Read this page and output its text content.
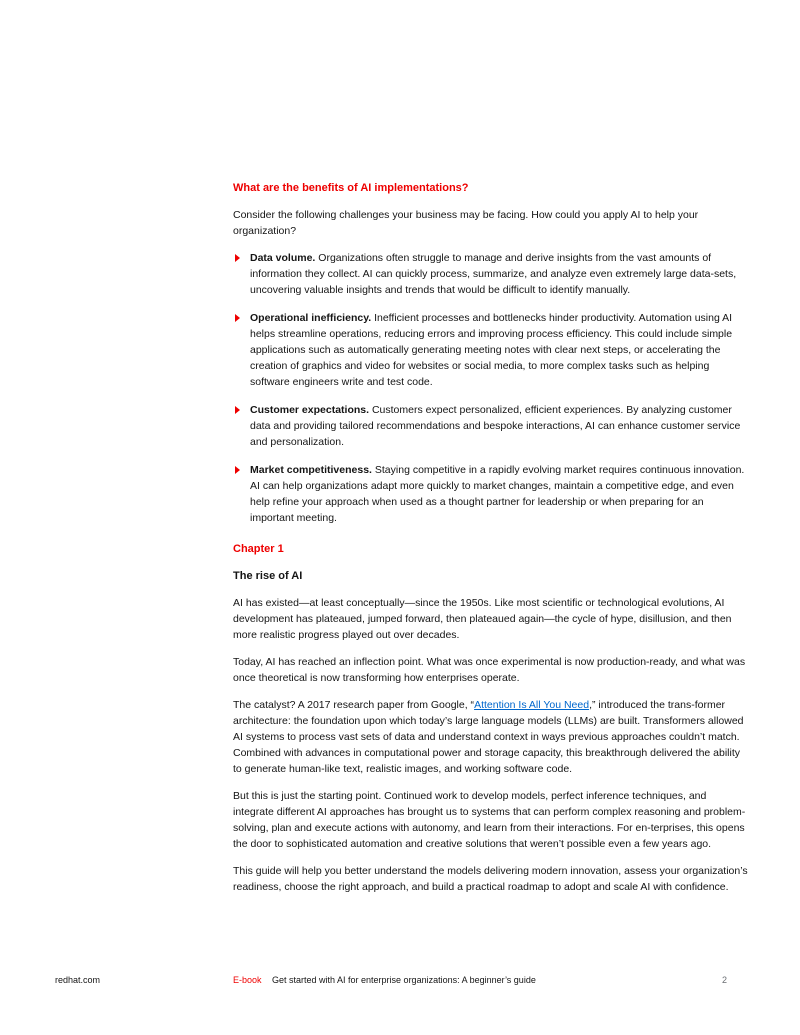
What are the benefits of AI implementations?

Consider the following challenges your business may be facing. How could you apply AI to help your organization?

Data volume. Organizations often struggle to manage and derive insights from the vast amounts of information they collect. AI can quickly process, summarize, and analyze even extremely large data-sets, uncovering valuable insights and trends that would be difficult to identify manually.
Operational inefficiency. Inefficient processes and bottlenecks hinder productivity. Automation using AI helps streamline operations, reducing errors and improving process efficiency. This could include simple applications such as automatically generating meeting notes with clear next steps, or accelerating the creation of graphics and video for websites or social media, to more complex tasks such as helping software engineers write and test code.
Customer expectations. Customers expect personalized, efficient experiences. By analyzing customer data and providing tailored recommendations and bespoke interactions, AI can enhance customer service and personalization.
Market competitiveness. Staying competitive in a rapidly evolving market requires continuous innovation. AI can help organizations adapt more quickly to market changes, maintain a competitive edge, and even help refine your approach when used as a thought partner for leadership or when preparing for an important meeting.
Chapter 1
The rise of AI

AI has existed—at least conceptually—since the 1950s. Like most scientific or technological evolutions, AI development has plateaued, jumped forward, then plateaued again—the cycle of hype, disillusion, and then more realistic progress played out over decades.

Today, AI has reached an inflection point. What was once experimental is now production-ready, and what was once theoretical is now transforming how enterprises operate.

The catalyst? A 2017 research paper from Google, “Attention Is All You Need,” introduced the trans-former architecture: the foundation upon which today’s large language models (LLMs) are built. Transformers allowed AI systems to process vast sets of data and understand context in ways previous approaches couldn’t match. Combined with advances in computational power and storage capacity, this breakthrough delivered the ability to generate human-like text, realistic images, and working software code.

But this is just the starting point. Continued work to develop models, perfect inference techniques, and integrate different AI approaches has brought us to systems that can perform complex reasoning and problem-solving, plan and execute actions with autonomy, and learn from their interactions. For en-terprises, this opens the door to sophisticated automation and creative solutions that weren’t possible even a few years ago.

This guide will help you better understand the models delivering modern innovation, assess your organization’s readiness, choose the right approach, and build a practical roadmap to adopt and scale AI with confidence.

redhat.com	E-book Get started with AI for enterprise organizations: A beginner’s guide	2
